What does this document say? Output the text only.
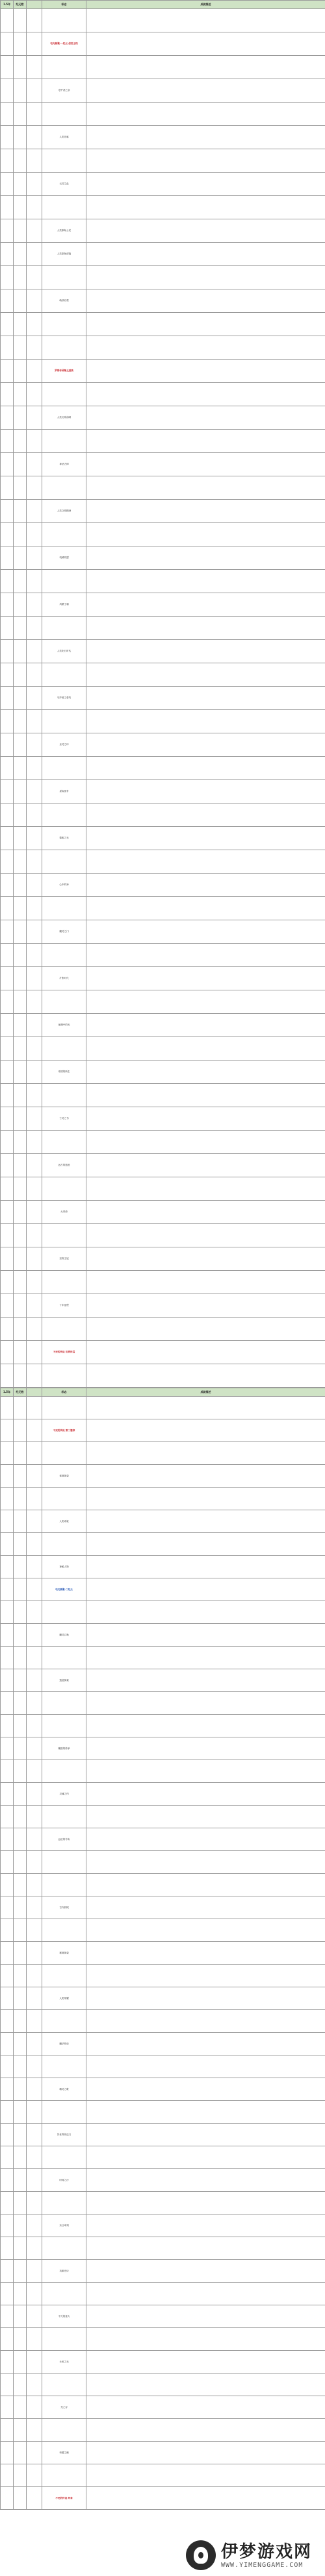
1.5年	纪元数		标志	成就描述

			电光核聚·一纪元 创世主线	

			守护者之剑	

			人类先驱	

			元初之血	

			人类原始公民	
			人类原始部落	

			萌芽启蒙	

			罗斯帝国集主道统	

			人类文明前哨	

			神圣古律	

			人类文明精神	

			机械同盟	

			风暴王朝	

			人类化石时代	

			守护者之誓约	

			圣灵之环	

			星际战争	

			黎明之光	

			心中的神	

			魔灵之门	

			扩张时代	

			深渊中的光	

			帝国的新生	

			亡灵之书	

			远古的遗迹	

			大革命	

			至高王冠	

			十年征程	

			不死的传说 世界终焉	

1.5年	纪元数		标志	成就描述

			不死的传说 第二篇章	

			谜境探索	

			人类成就	

			神秘人物	
			电光核聚·二纪元	

			魔灵召唤	

			遗迹探索	

			魔族的传承	

			灵魂之约	

			远征的号角	

			古代机械	

			秘境探索	

			人类荣耀	

			魔法传说	

			精灵之歌	

			异世界传送门	

			时间之沙	

			末日审判	

			英雄史诗	

			不灭的星火	

			永恒之光	

			龙之谷	

			荣耀之巅	

			不死的传说 终章	
伊梦游戏网
WWW.YIMENGGAME.COM
